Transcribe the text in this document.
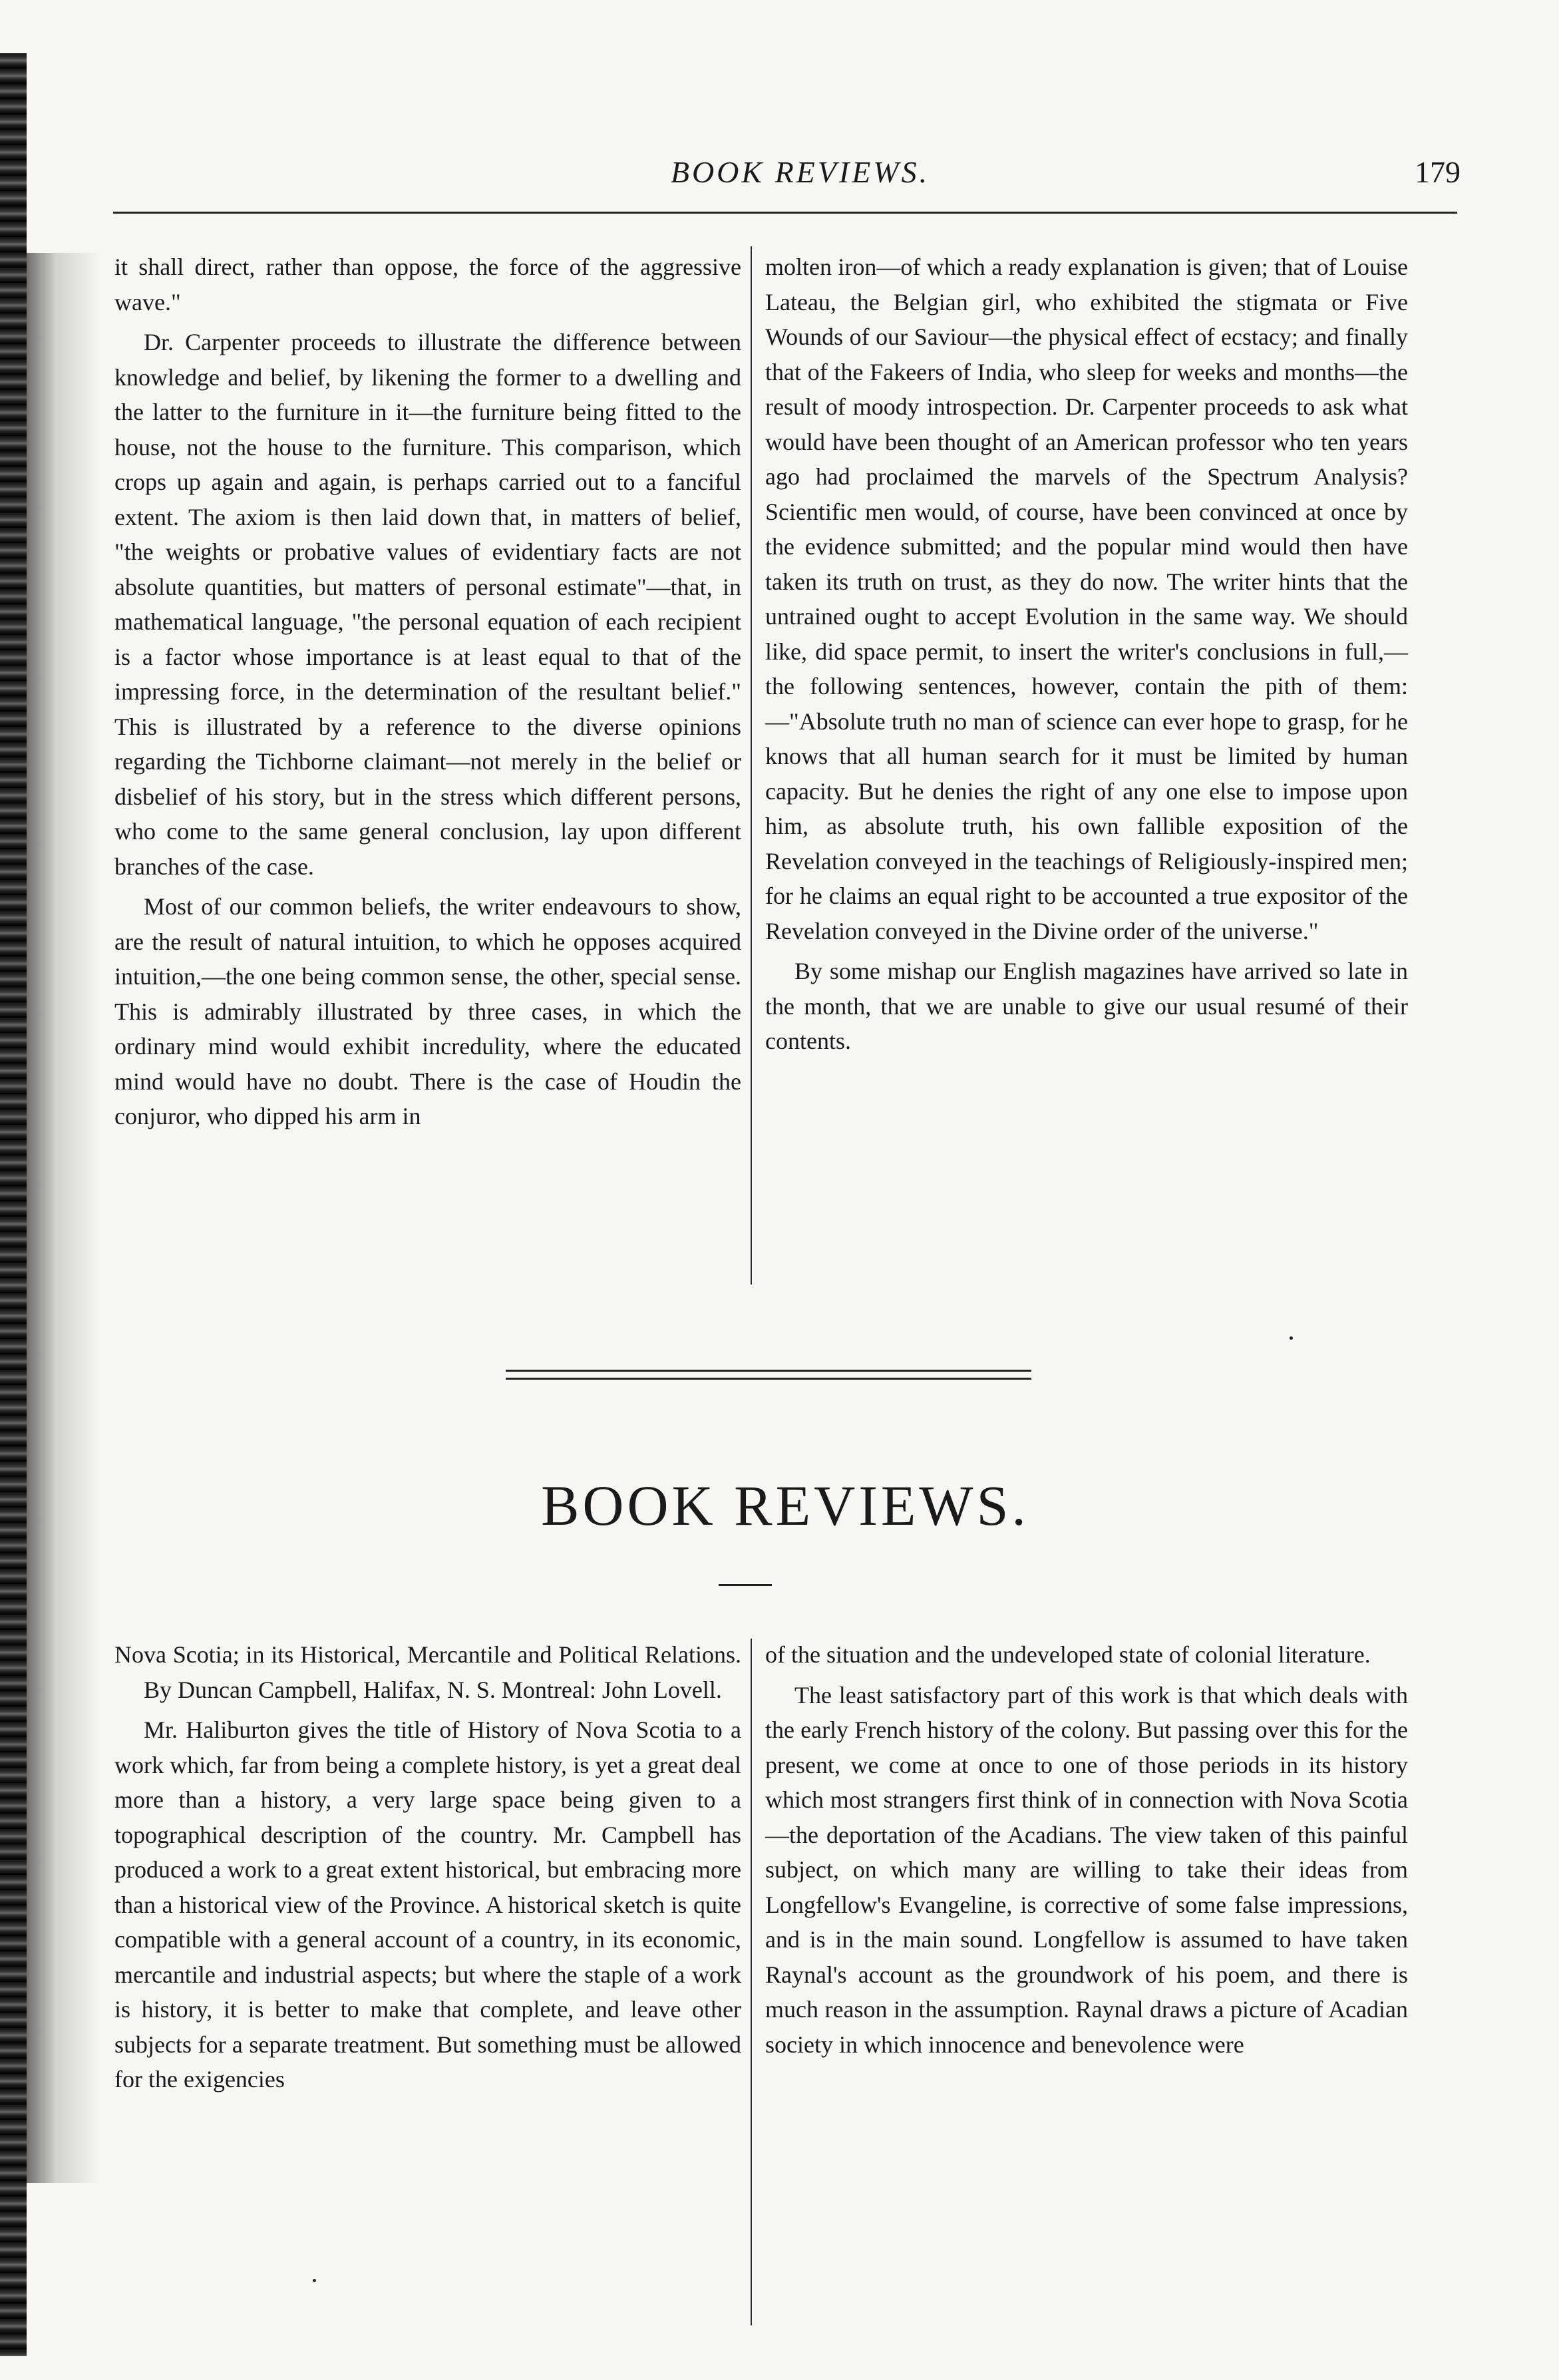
BOOK REVIEWS.	179

it shall direct, rather than oppose, the force of the aggressive wave."

Dr. Carpenter proceeds to illustrate the difference between knowledge and belief, by likening the former to a dwelling and the latter to the furniture in it—the furniture being fitted to the house, not the house to the furniture. This comparison, which crops up again and again, is perhaps carried out to a fanciful extent. The axiom is then laid down that, in matters of belief, "the weights or probative values of evidentiary facts are not absolute quantities, but matters of personal estimate"—that, in mathematical language, "the personal equation of each recipient is a factor whose importance is at least equal to that of the impressing force, in the determination of the resultant belief." This is illustrated by a reference to the diverse opinions regarding the Tichborne claimant—not merely in the belief or disbelief of his story, but in the stress which different persons, who come to the same general conclusion, lay upon different branches of the case.

Most of our common beliefs, the writer endeavours to show, are the result of natural intuition, to which he opposes acquired intuition,—the one being common sense, the other, special sense. This is admirably illustrated by three cases, in which the ordinary mind would exhibit incredulity, where the educated mind would have no doubt. There is the case of Houdin the conjuror, who dipped his arm in

molten iron—of which a ready explanation is given; that of Louise Lateau, the Belgian girl, who exhibited the stigmata or Five Wounds of our Saviour—the physical effect of ecstacy; and finally that of the Fakeers of India, who sleep for weeks and months—the result of moody introspection. Dr. Carpenter proceeds to ask what would have been thought of an American professor who ten years ago had proclaimed the marvels of the Spectrum Analysis? Scientific men would, of course, have been convinced at once by the evidence submitted; and the popular mind would then have taken its truth on trust, as they do now. The writer hints that the untrained ought to accept Evolution in the same way. We should like, did space permit, to insert the writer's conclusions in full,—the following sentences, however, contain the pith of them:—"Absolute truth no man of science can ever hope to grasp, for he knows that all human search for it must be limited by human capacity. But he denies the right of any one else to impose upon him, as absolute truth, his own fallible exposition of the Revelation conveyed in the teachings of Religiously-inspired men; for he claims an equal right to be accounted a true expositor of the Revelation conveyed in the Divine order of the universe."

By some mishap our English magazines have arrived so late in the month, that we are unable to give our usual resumé of their contents.

BOOK REVIEWS.

Nova Scotia; in its Historical, Mercantile and Political Relations. By Duncan Campbell, Halifax, N. S. Montreal: John Lovell.

Mr. Haliburton gives the title of History of Nova Scotia to a work which, far from being a complete history, is yet a great deal more than a history, a very large space being given to a topographical description of the country. Mr. Campbell has produced a work to a great extent historical, but embracing more than a historical view of the Province. A historical sketch is quite compatible with a general account of a country, in its economic, mercantile and industrial aspects; but where the staple of a work is history, it is better to make that complete, and leave other subjects for a separate treatment. But something must be allowed for the exigencies

of the situation and the undeveloped state of colonial literature.

The least satisfactory part of this work is that which deals with the early French history of the colony. But passing over this for the present, we come at once to one of those periods in its history which most strangers first think of in connection with Nova Scotia—the deportation of the Acadians. The view taken of this painful subject, on which many are willing to take their ideas from Longfellow's Evangeline, is corrective of some false impressions, and is in the main sound. Longfellow is assumed to have taken Raynal's account as the groundwork of his poem, and there is much reason in the assumption. Raynal draws a picture of Acadian society in which innocence and benevolence were
